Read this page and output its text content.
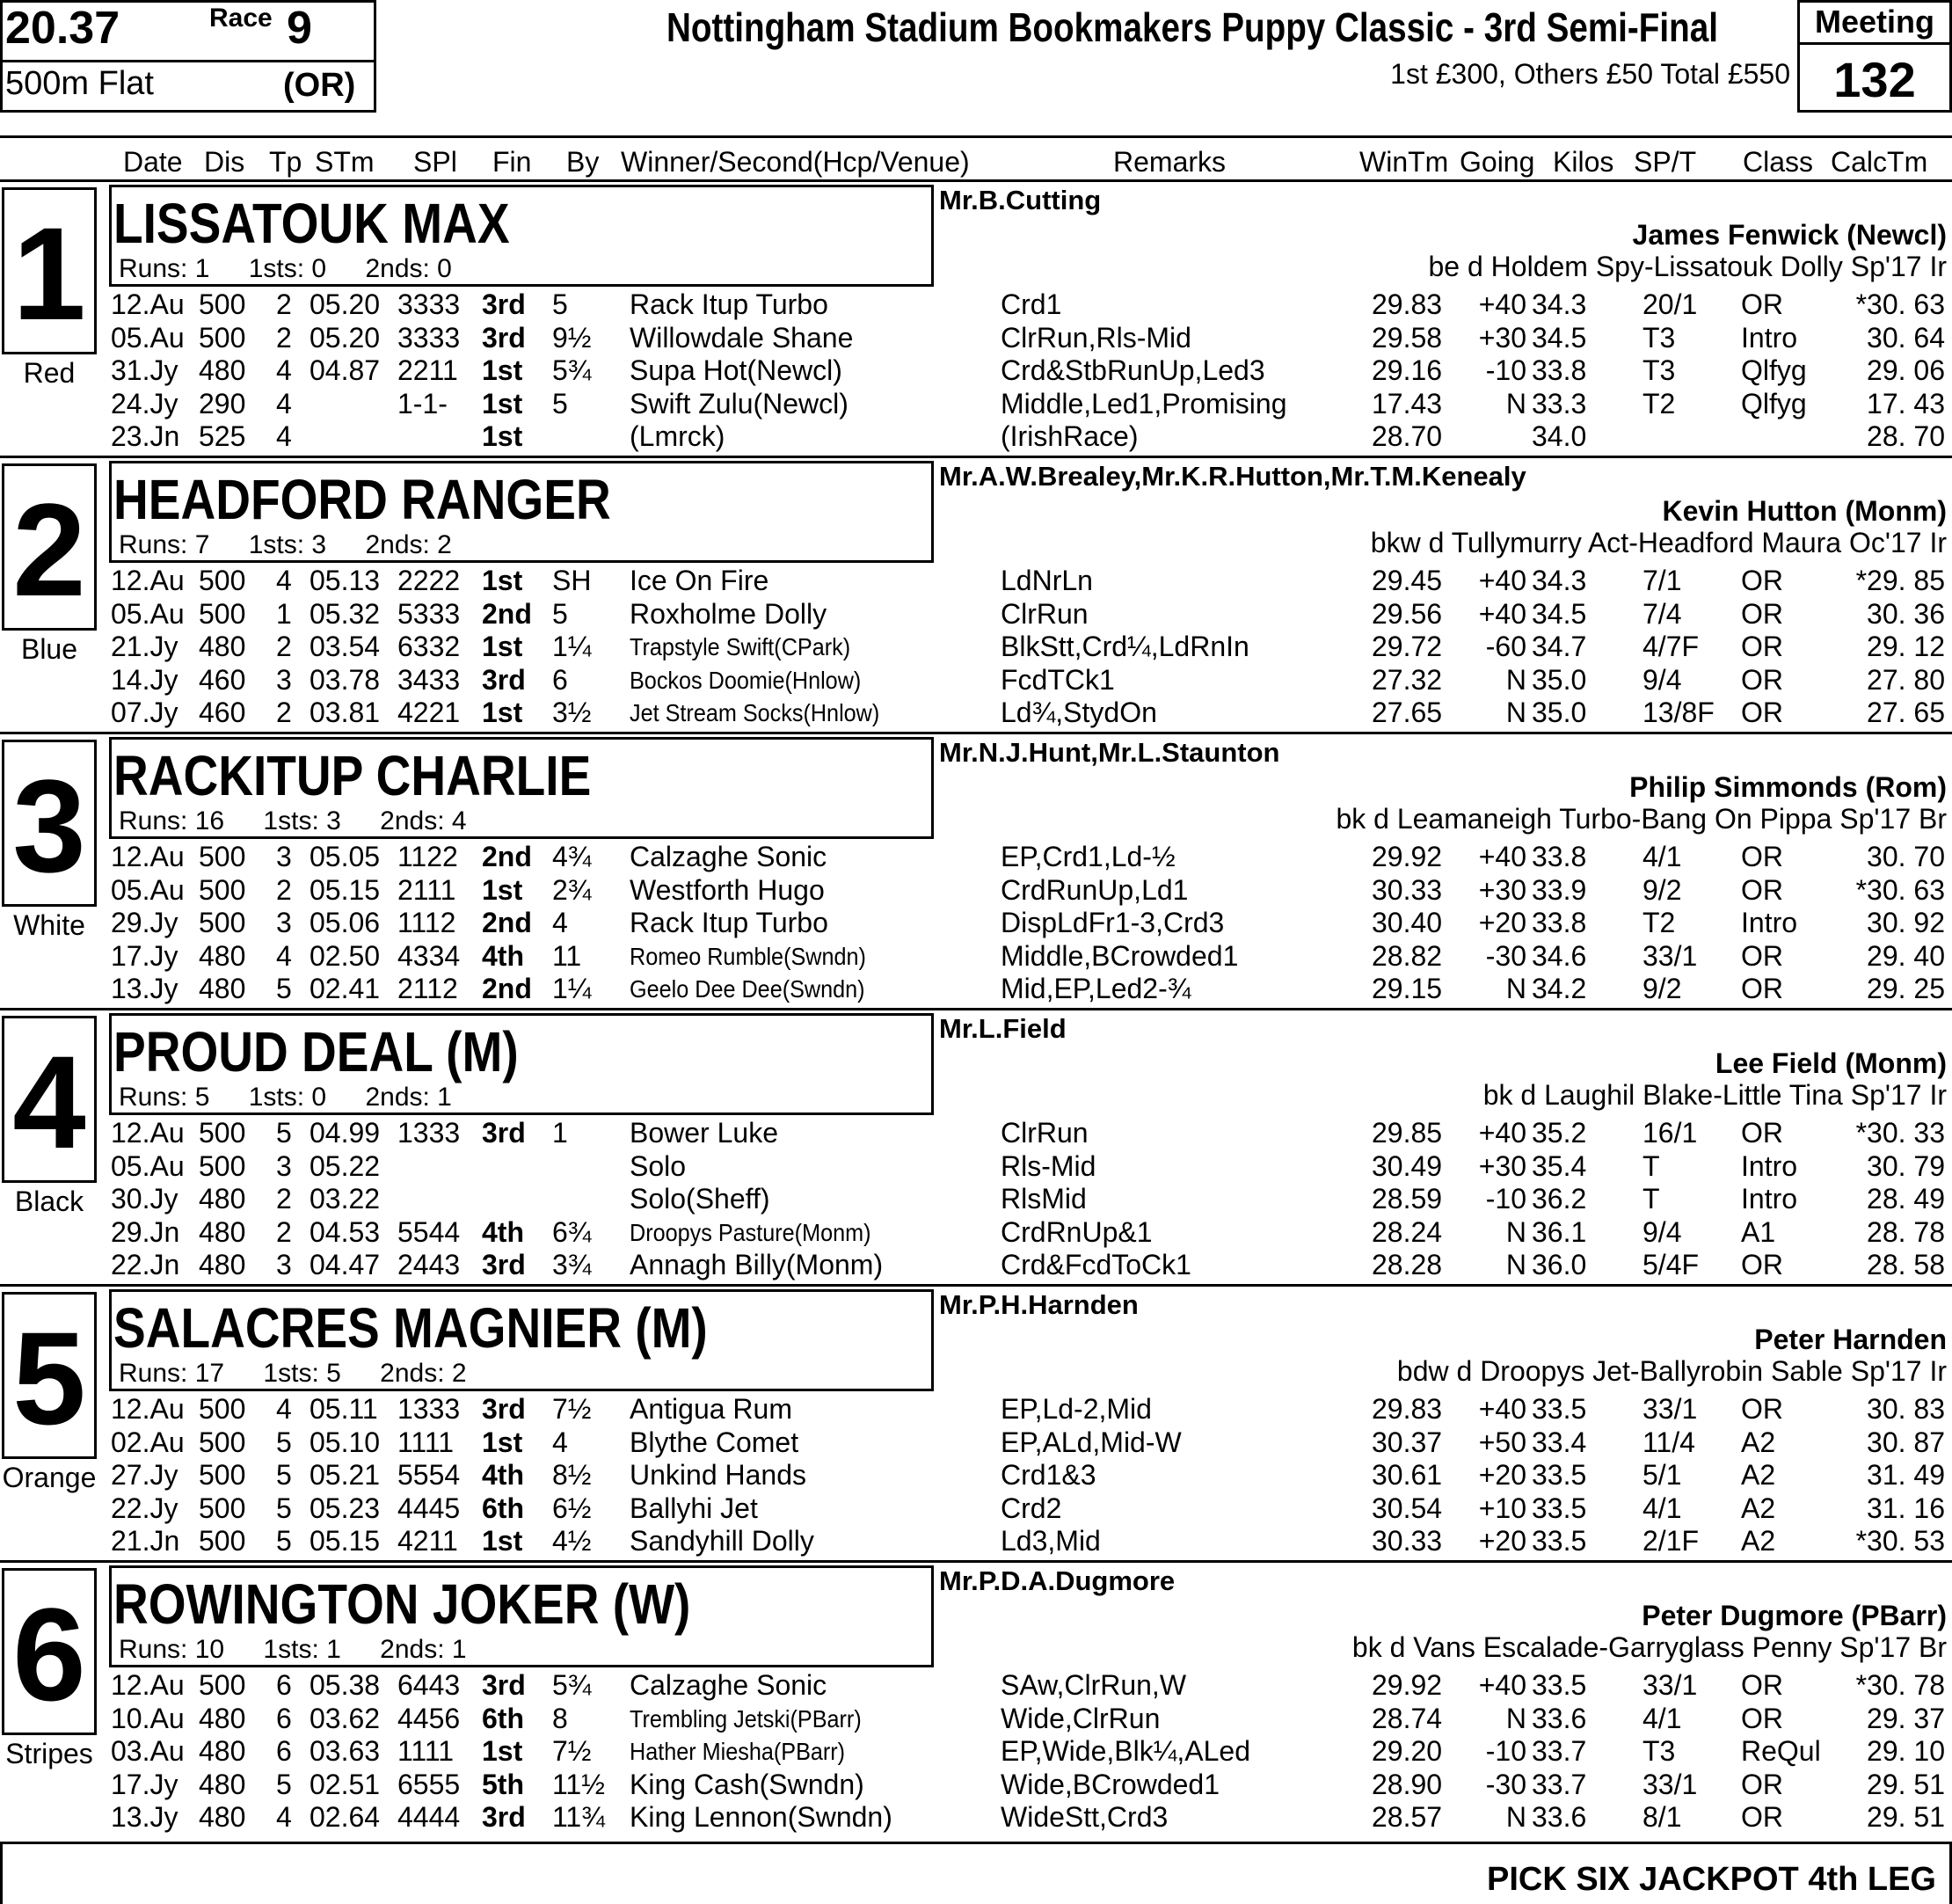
20.37	Race 9
500m Flat	(OR)
Nottingham Stadium Bookmakers Puppy Classic - 3rd Semi-Final
1st £300, Others £50 Total £550
Meeting
132
Date Dis Tp STm SPl Fin By Winner/Second(Hcp/Venue)	Remarks	WinTm Going Kilos SP/T Class CalcTm
1
Red
LISSATOUK MAX
Runs: 1 1sts: 0 2nds: 0
Mr.B.Cutting
James Fenwick (Newcl)
be d Holdem Spy-Lissatouk Dolly Sp'17 Ir
12.Au 500 2 05.20 3333 3rd 5 Rack Itup Turbo	Crd1	29.83 +40 34.3 20/1 OR	*30. 63
05.Au 500 2 05.20 3333 3rd 9½ Willowdale Shane	ClrRun,Rls-Mid	29.58 +30 34.5 T3 Intro 30. 64
31.Jy 480 4 04.87 2211 1st 5¾ Supa Hot(Newcl)	Crd&StbRunUp,Led3	29.16 -10 33.8 T3 Qlfyg 29. 06
24.Jy 290 4	1-1- 1st 5 Swift Zulu(Newcl)	Middle,Led1,Promising	17.43 N 33.3 T2 Qlfyg 17. 43
23.Jn 525 4	1st	(Lmrck)	(IrishRace)	28.70	34.0	28. 70
2
Blue
HEADFORD RANGER
Runs: 7 1sts: 3 2nds: 2
Mr.A.W.Brealey,Mr.K.R.Hutton,Mr.T.M.Kenealy
Kevin Hutton (Monm)
bkw d Tullymurry Act-Headford Maura Oc'17 Ir
12.Au 500 4 05.13 2222 1st SH Ice On Fire	LdNrLn	29.45 +40 34.3 7/1 OR	*29. 85
05.Au 500 1 05.32 5333 2nd 5 Roxholme Dolly	ClrRun	29.56 +40 34.5 7/4 OR	30. 36
21.Jy 480 2 03.54 6332 1st 1¼ Trapstyle Swift(CPark)	BlkStt,Crd¼,LdRnIn	29.72 -60 34.7 4/7F OR	29. 12
14.Jy 460 3 03.78 3433 3rd 6	Bockos Doomie(Hnlow)	FcdTCk1	27.32 N 35.0 9/4 OR	27. 80
07.Jy 460 2 03.81 4221 1st 3½ Jet Stream Socks(Hnlow)	Ld¾,StydOn	27.65 N 35.0 13/8F OR	27. 65
3
White
RACKITUP CHARLIE
Runs: 16 1sts: 3 2nds: 4
Mr.N.J.Hunt,Mr.L.Staunton
Philip Simmonds (Rom)
bk d Leamaneigh Turbo-Bang On Pippa Sp'17 Br
12.Au 500 3 05.05 1122 2nd 4¾ Calzaghe Sonic	EP,Crd1,Ld-½	29.92 +40 33.8 4/1 OR	30. 70
05.Au 500 2 05.15 2111 1st 2¾ Westforth Hugo	CrdRunUp,Ld1	30.33 +30 33.9 9/2 OR	*30. 63
29.Jy 500 3 05.06 1112 2nd 4 Rack Itup Turbo	DispLdFr1-3,Crd3	30.40 +20 33.8 T2 Intro 30. 92
17.Jy 480 4 02.50 4334 4th 11 Romeo Rumble(Swndn)	Middle,BCrowded1	28.82 -30 34.6 33/1 OR	29. 40
13.Jy 480 5 02.41 2112 2nd 1¼ Geelo Dee Dee(Swndn)	Mid,EP,Led2-¾	29.15 N 34.2 9/2 OR	29. 25
4
Black
PROUD DEAL (M)
Runs: 5 1sts: 0 2nds: 1
Mr.L.Field
Lee Field (Monm)
bk d Laughil Blake-Little Tina Sp'17 Ir
12.Au 500 5 04.99 1333 3rd 1 Bower Luke	ClrRun	29.85 +40 35.2 16/1 OR	*30. 33
05.Au 500 3 05.22	Solo	Rls-Mid	30.49 +30 35.4 T	Intro 30. 79
30.Jy 480 2 03.22	Solo(Sheff)	RlsMid	28.59 -10 36.2 T	Intro 28. 49
29.Jn 480 2 04.53 5544 4th 6¾ Droopys Pasture(Monm)	CrdRnUp&1	28.24 N 36.1 9/4 A1	28. 78
22.Jn 480 3 04.47 2443 3rd 3¾ Annagh Billy(Monm)	Crd&FcdToCk1	28.28 N 36.0 5/4F OR	28. 58
5
Orange
SALACRES MAGNIER (M)
Runs: 17 1sts: 5 2nds: 2
Mr.P.H.Harnden
Peter Harnden
bdw d Droopys Jet-Ballyrobin Sable Sp'17 Ir
12.Au 500 4 05.11 1333 3rd 7½ Antigua Rum	EP,Ld-2,Mid	29.83 +40 33.5 33/1 OR	30. 83
02.Au 500 5 05.10 1111 1st 4 Blythe Comet	EP,ALd,Mid-W	30.37 +50 33.4 11/4 A2	30. 87
27.Jy 500 5 05.21 5554 4th 8½ Unkind Hands	Crd1&3	30.61 +20 33.5 5/1 A2	31. 49
22.Jy 500 5 05.23 4445 6th 6½ Ballyhi Jet	Crd2	30.54 +10 33.5 4/1 A2	31. 16
21.Jn 500 5 05.15 4211 1st 4½ Sandyhill Dolly	Ld3,Mid	30.33 +20 33.5 2/1F A2	*30. 53
6
Stripes
ROWINGTON JOKER (W)
Runs: 10 1sts: 1 2nds: 1
Mr.P.D.A.Dugmore
Peter Dugmore (PBarr)
bk d Vans Escalade-Garryglass Penny Sp'17 Br
12.Au 500 6 05.38 6443 3rd 5¾ Calzaghe Sonic	SAw,ClrRun,W	29.92 +40 33.5 33/1 OR	*30. 78
10.Au 480 6 03.62 4456 6th 8	Trembling Jetski(PBarr)	Wide,ClrRun	28.74 N 33.6 4/1 OR	29. 37
03.Au 480 6 03.63 1111 1st 7½ Hather Miesha(PBarr)	EP,Wide,Blk¼,ALed	29.20 -10 33.7 T3 ReQul 29. 10
17.Jy 480 5 02.51 6555 5th 11½ King Cash(Swndn)	Wide,BCrowded1	28.90 -30 33.7 33/1 OR	29. 51
13.Jy 480 4 02.64 4444 3rd 11¾ King Lennon(Swndn)	WideStt,Crd3	28.57 N 33.6 8/1 OR	29. 51
PICK SIX JACKPOT 4th LEG
